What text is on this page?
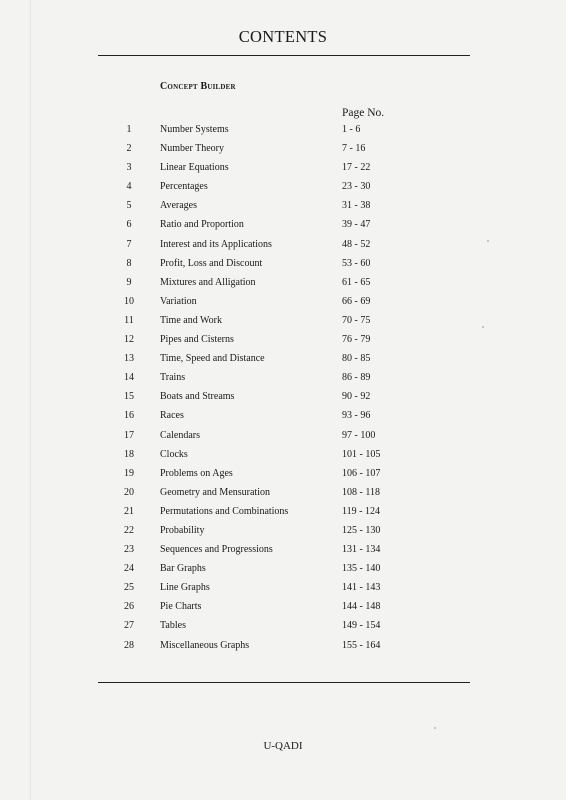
CONTENTS
Concept Builder
Page No.
1	Number Systems	1 - 6
2	Number Theory	7 - 16
3	Linear Equations	17 - 22
4	Percentages	23 - 30
5	Averages	31 - 38
6	Ratio and Proportion	39 - 47
7	Interest and its Applications	48 - 52
8	Profit, Loss and Discount	53 - 60
9	Mixtures and Alligation	61 - 65
10	Variation	66 - 69
11	Time and Work	70 - 75
12	Pipes and Cisterns	76 - 79
13	Time, Speed and Distance	80 - 85
14	Trains	86 - 89
15	Boats and Streams	90 - 92
16	Races	93 - 96
17	Calendars	97 - 100
18	Clocks	101 - 105
19	Problems on Ages	106 - 107
20	Geometry and Mensuration	108 - 118
21	Permutations and Combinations	119 - 124
22	Probability	125 - 130
23	Sequences and Progressions	131 - 134
24	Bar Graphs	135 - 140
25	Line Graphs	141 - 143
26	Pie Charts	144 - 148
27	Tables	149 - 154
28	Miscellaneous Graphs	155 - 164
U-QADI
